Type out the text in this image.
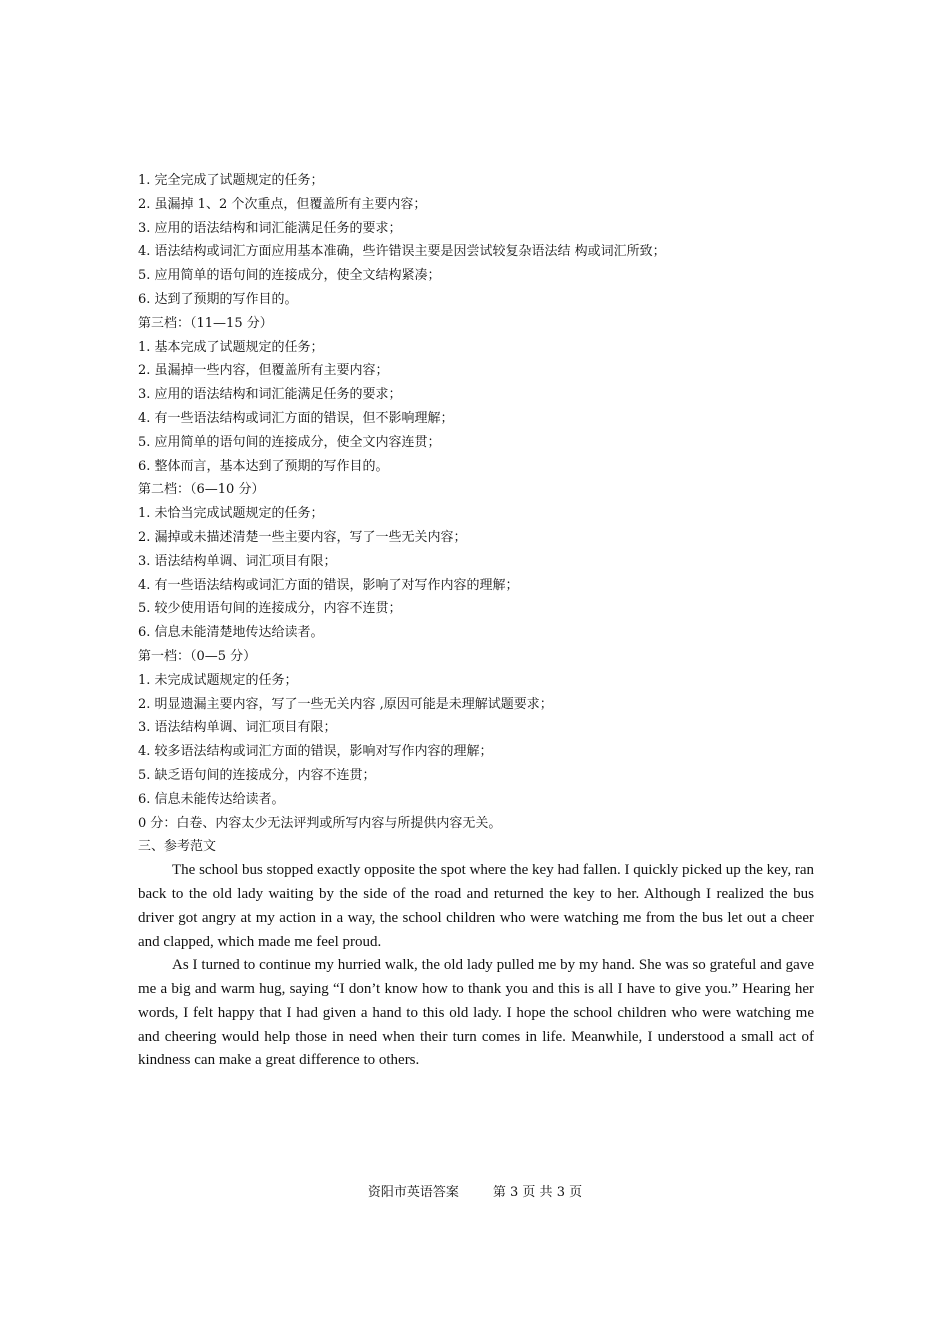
1. 完全完成了试题规定的任务；
2. 虽漏掉 1、2 个次重点，但覆盖所有主要内容；
3. 应用的语法结构和词汇能满足任务的要求；
4. 语法结构或词汇方面应用基本准确，些许错误主要是因尝试较复杂语法结 构或词汇所致；
5. 应用简单的语句间的连接成分，使全文结构紧凑；
6. 达到了预期的写作目的。
第三档：（11—15 分）
1. 基本完成了试题规定的任务；
2. 虽漏掉一些内容，但覆盖所有主要内容；
3. 应用的语法结构和词汇能满足任务的要求；
4. 有一些语法结构或词汇方面的错误，但不影响理解；
5. 应用简单的语句间的连接成分，使全文内容连贯；
6. 整体而言，基本达到了预期的写作目的。
第二档：（6—10 分）
1. 未恰当完成试题规定的任务；
2. 漏掉或未描述清楚一些主要内容，写了一些无关内容；
3. 语法结构单调、词汇项目有限；
4. 有一些语法结构或词汇方面的错误，影响了对写作内容的理解；
5. 较少使用语句间的连接成分，内容不连贯；
6. 信息未能清楚地传达给读者。
第一档：（0—5 分）
1. 未完成试题规定的任务；
2. 明显遗漏主要内容，写了一些无关内容 ,原因可能是未理解试题要求；
3. 语法结构单调、词汇项目有限；
4. 较多语法结构或词汇方面的错误，影响对写作内容的理解；
5. 缺乏语句间的连接成分，内容不连贯；
6. 信息未能传达给读者。
0 分：白卷、内容太少无法评判或所写内容与所提供内容无关。
三、参考范文

The school bus stopped exactly opposite the spot where the key had fallen. I quickly picked up the key, ran back to the old lady waiting by the side of the road and returned the key to her. Although I realized the bus driver got angry at my action in a way, the school children who were watching me from the bus let out a cheer and clapped, which made me feel proud.

As I turned to continue my hurried walk, the old lady pulled me by my hand. She was so grateful and gave me a big and warm hug, saying “I don’t know how to thank you and this is all I have to give you.” Hearing her words, I felt happy that I had given a hand to this old lady. I hope the school children who were watching me and cheering would help those in need when their turn comes in life. Meanwhile, I understood a small act of kindness can make a great difference to others.

资阳市英语答案	第 3 页 共 3 页
